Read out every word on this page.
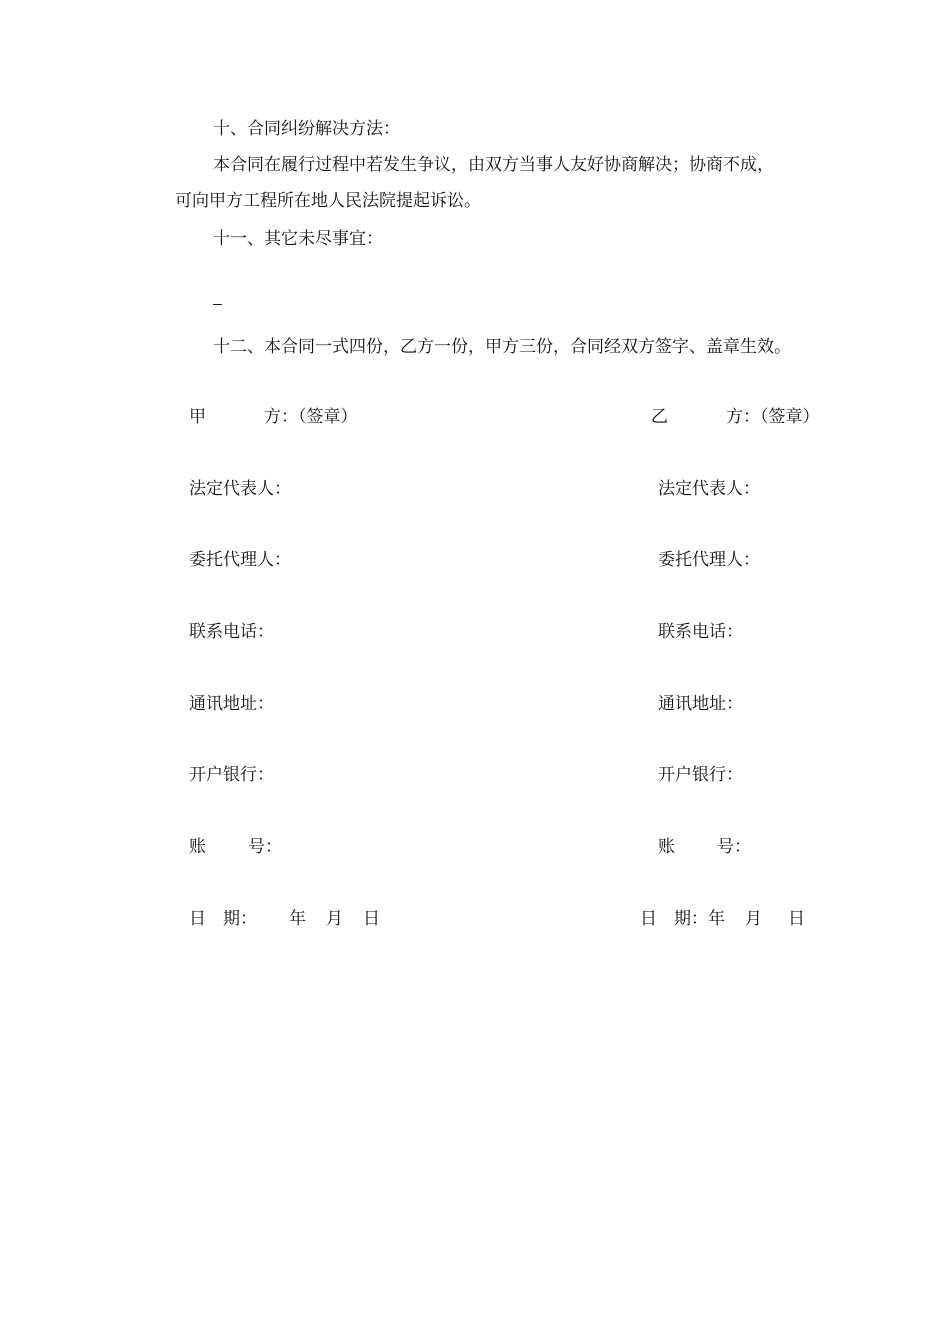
十、合同纠纷解决方法：

本合同在履行过程中若发生争议，由双方当事人友好协商解决；协商不成，

可向甲方工程所在地人民法院提起诉讼。

十一、其它未尽事宜：

十二、本合同一式四份，乙方一份，甲方三份，合同经双方签字、盖章生效。

甲	方：（签章）

法定代表人：

委托代理人：

联系电话：

通讯地址：

开户银行：

账 号：

日　期： 年 月 日

乙	方：（签章）

法定代表人：

委托代理人：

联系电话：

通讯地址：

开户银行：

账 号：

日　期：年 月 日
